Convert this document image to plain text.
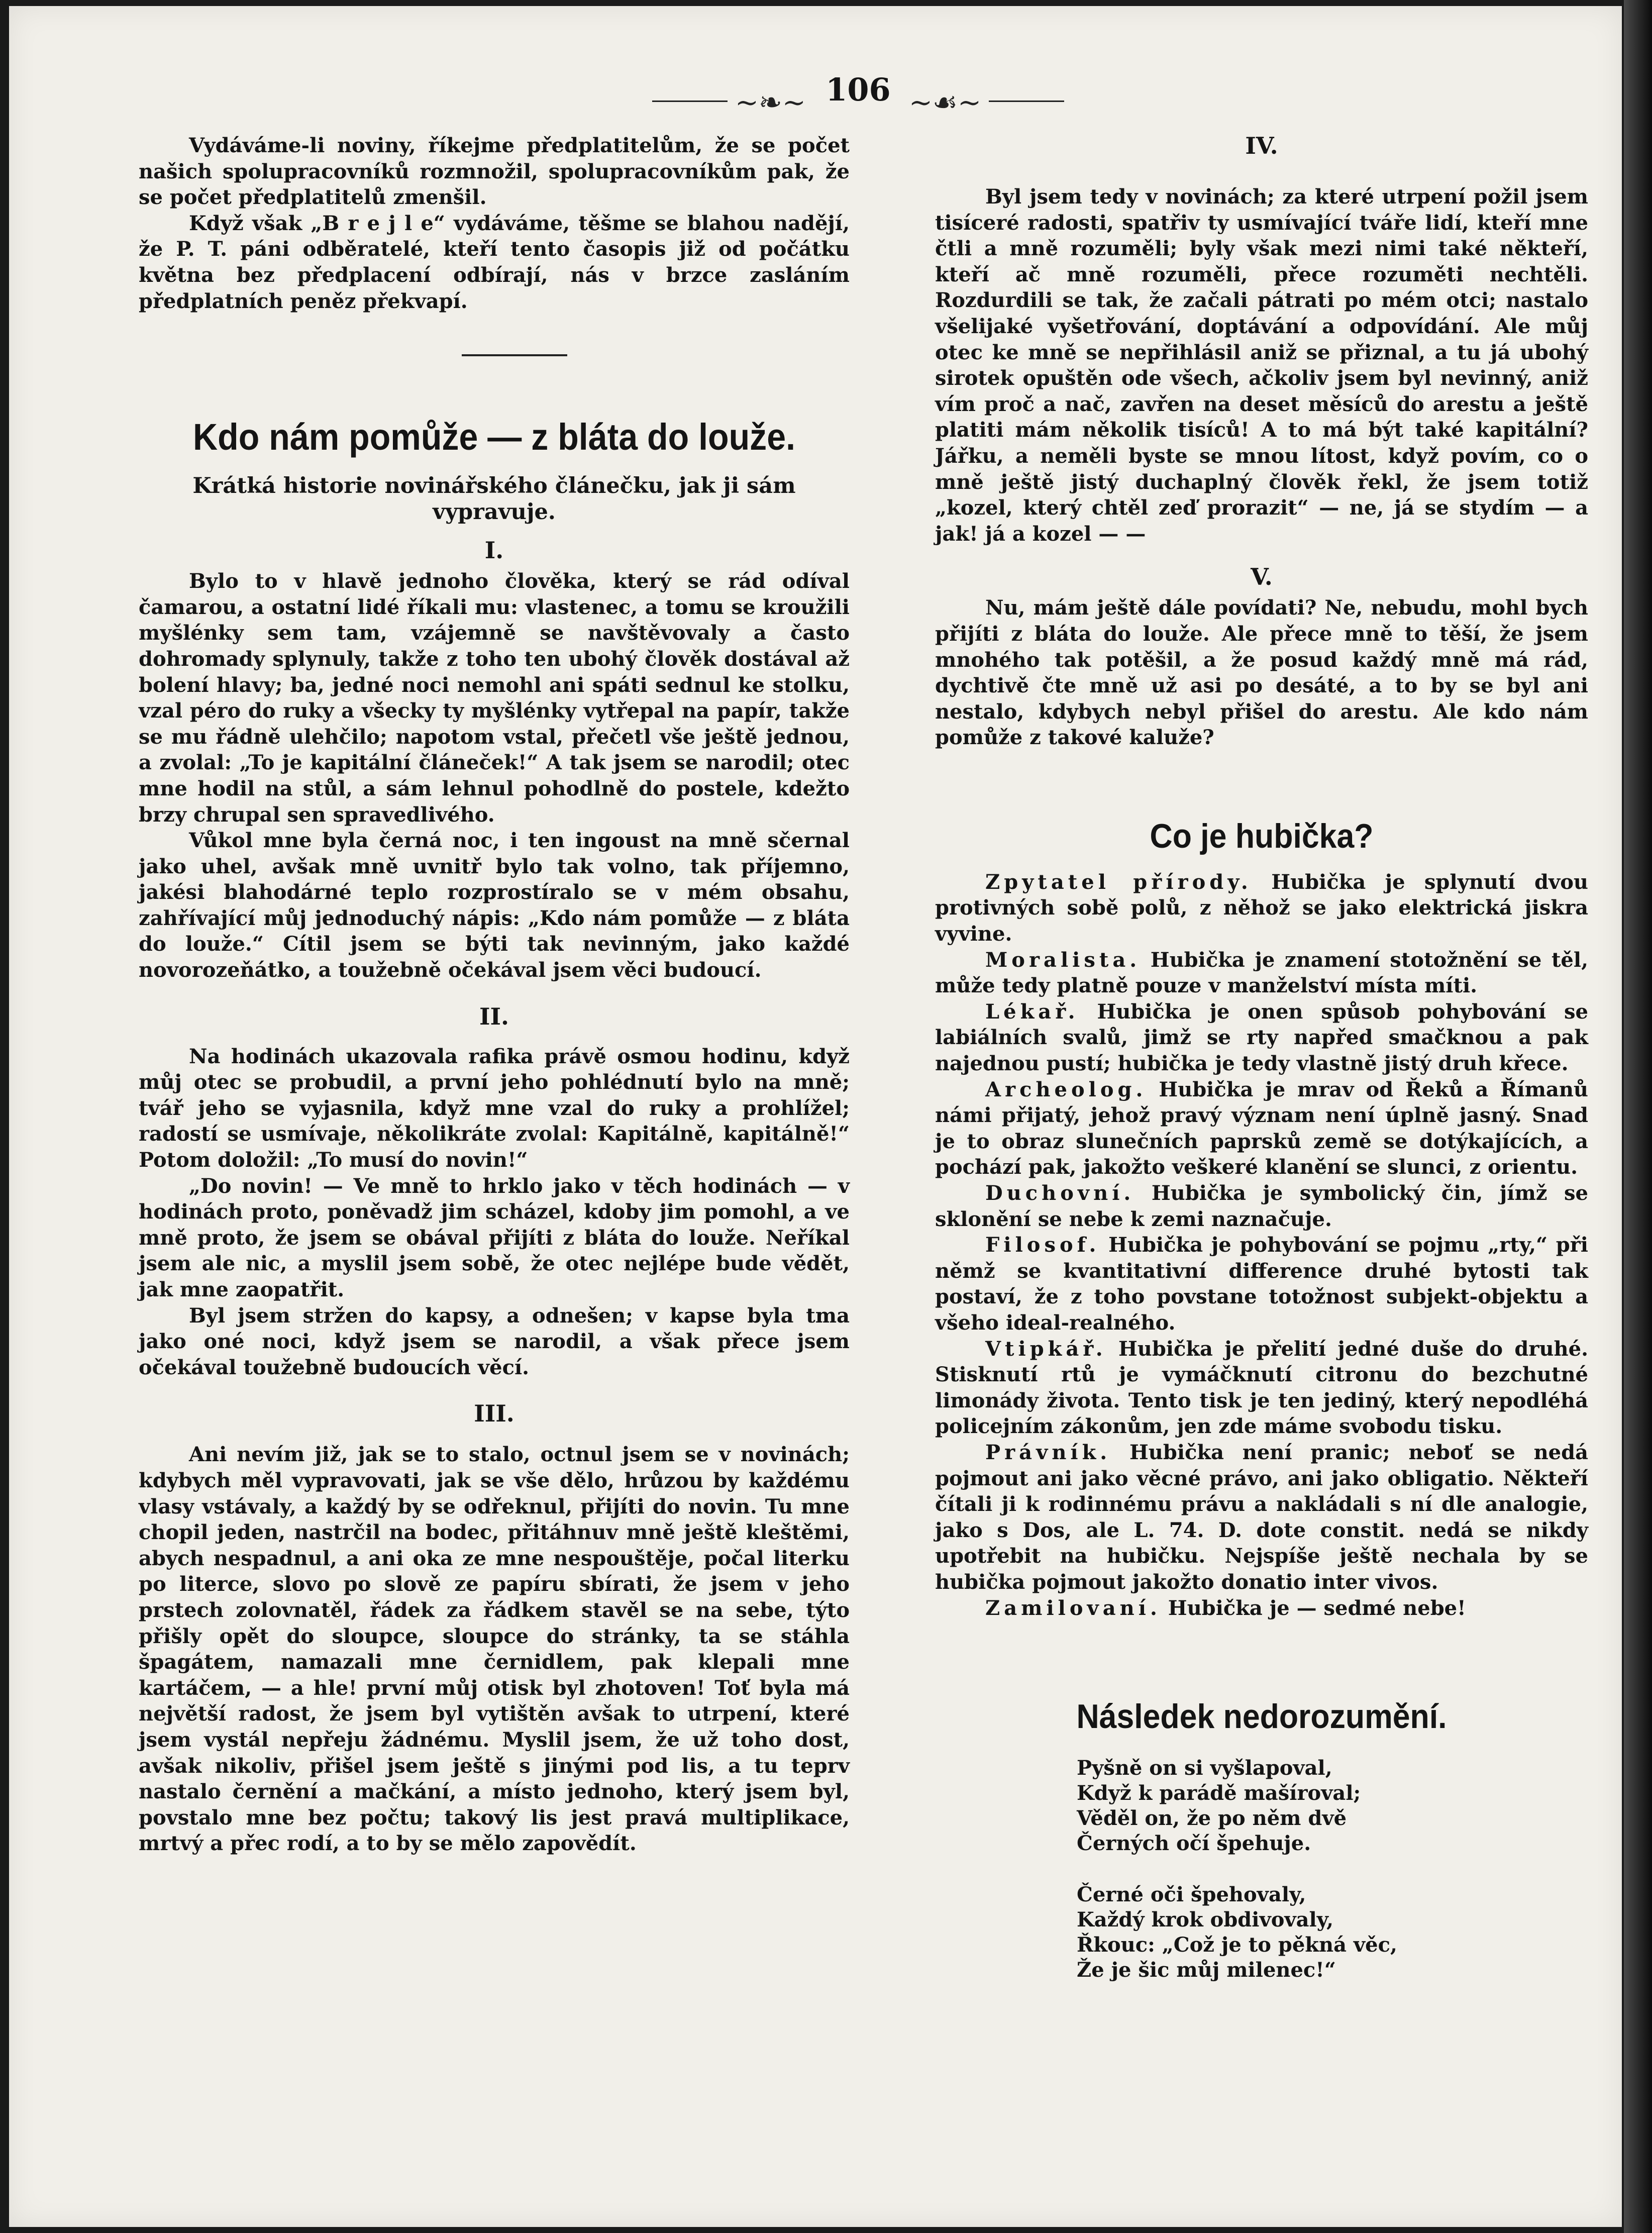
~❧~ 106 ~☙~

Vydáváme-li noviny, říkejme předplatitelům, že se počet našich spolupracovníků rozmnožil, spolupracovníkům pak, že se počet předplatitelů zmenšil.

Když však „B r e j l e“ vydáváme, těšme se blahou nadějí, že P. T. páni odběratelé, kteří tento časopis již od počátku května bez předplacení odbírají, nás v brzce zasláním předplatních peněz překvapí.

Kdo nám pomůže — z bláta do louže.
Krátká historie novinářského článečku, jak ji sám vypravuje.
I.

Bylo to v hlavě jednoho člověka, který se rád odíval čamarou, a ostatní lidé říkali mu: vlastenec, a tomu se kroužili myšlénky sem tam, vzájemně se navštěvovaly a často dohromady splynuly, takže z toho ten ubohý člověk dostával až bolení hlavy; ba, jedné noci nemohl ani spáti sednul ke stolku, vzal péro do ruky a všecky ty myšlénky vytřepal na papír, takže se mu řádně ulehčilo; napotom vstal, přečetl vše ještě jednou, a zvolal: „To je kapitální článeček!“ A tak jsem se narodil; otec mne hodil na stůl, a sám lehnul pohodlně do postele, kdežto brzy chrupal sen spravedlivého.

Vůkol mne byla černá noc, i ten ingoust na mně sčernal jako uhel, avšak mně uvnitř bylo tak volno, tak příjemno, jakési blahodárné teplo rozprostíralo se v mém obsahu, zahřívající můj jednoduchý nápis: „Kdo nám pomůže — z bláta do louže.“ Cítil jsem se býti tak nevinným, jako každé novorozeňátko, a toužebně očekával jsem věci budoucí.

II.

Na hodinách ukazovala rafika právě osmou hodinu, když můj otec se probudil, a první jeho pohlédnutí bylo na mně; tvář jeho se vyjasnila, když mne vzal do ruky a prohlížel; radostí se usmívaje, několikráte zvolal: Kapitálně, kapitálně!“ Potom doložil: „To musí do novin!“

„Do novin! — Ve mně to hrklo jako v těch hodinách — v hodinách proto, poněvadž jim scházel, kdoby jim pomohl, a ve mně proto, že jsem se obával přijíti z bláta do louže. Neříkal jsem ale nic, a myslil jsem sobě, že otec nejlépe bude vědět, jak mne zaopatřit.

Byl jsem stržen do kapsy, a odnešen; v kapse byla tma jako oné noci, když jsem se narodil, a však přece jsem očekával toužebně budoucích věcí.

III.

Ani nevím již, jak se to stalo, octnul jsem se v novinách; kdybych měl vypravovati, jak se vše dělo, hrůzou by každému vlasy vstávaly, a každý by se odřeknul, přijíti do novin. Tu mne chopil jeden, nastrčil na bodec, přitáhnuv mně ještě kleštěmi, abych nespadnul, a ani oka ze mne nespouštěje, počal literku po literce, slovo po slově ze papíru sbírati, že jsem v jeho prstech zolovnatěl, řádek za řádkem stavěl se na sebe, týto přišly opět do sloupce, sloupce do stránky, ta se stáhla špagátem, namazali mne černidlem, pak klepali mne kartáčem, — a hle! první můj otisk byl zhotoven! Toť byla má největší radost, že jsem byl vytištěn avšak to utrpení, které jsem vystál nepřeju žádnému. Myslil jsem, že už toho dost, avšak nikoliv, přišel jsem ještě s jinými pod lis, a tu teprv nastalo černění a mačkání, a místo jednoho, který jsem byl, povstalo mne bez počtu; takový lis jest pravá multiplikace, mrtvý a přec rodí, a to by se mělo zapovědít.

IV.

Byl jsem tedy v novinách; za které utrpení požil jsem tisíceré radosti, spatřiv ty usmívající tváře lidí, kteří mne čtli a mně rozuměli; byly však mezi nimi také někteří, kteří ač mně rozuměli, přece rozuměti nechtěli. Rozdurdili se tak, že začali pátrati po mém otci; nastalo všelijaké vyšetřování, doptávání a odpovídání. Ale můj otec ke mně se nepřihlásil aniž se přiznal, a tu já ubohý sirotek opuštěn ode všech, ačkoliv jsem byl nevinný, aniž vím proč a nač, zavřen na deset měsíců do arestu a ještě platiti mám několik tisíců! A to má být také kapitální? Jářku, a neměli byste se mnou lítost, když povím, co o mně ještě jistý duchaplný člověk řekl, že jsem totiž „kozel, který chtěl zeď prorazit“ — ne, já se stydím — a jak! já a kozel — —

V.

Nu, mám ještě dále povídati? Ne, nebudu, mohl bych přijíti z bláta do louže. Ale přece mně to těší, že jsem mnohého tak potěšil, a že posud každý mně má rád, dychtivě čte mně už asi po desáté, a to by se byl ani nestalo, kdybych nebyl přišel do arestu. Ale kdo nám pomůže z takové kaluže?

Co je hubička?

Zpytatel přírody. Hubička je splynutí dvou protivných sobě polů, z něhož se jako elektrická jiskra vyvine.

Moralista. Hubička je znamení stotožnění se těl, může tedy platně pouze v manželství místa míti.

Lékař. Hubička je onen spůsob pohybování se labiálních svalů, jimž se rty napřed smačknou a pak najednou pustí; hubička je tedy vlastně jistý druh křece.

Archeolog. Hubička je mrav od Řeků a Římanů námi přijatý, jehož pravý význam není úplně jasný. Snad je to obraz slunečních paprsků země se dotýkajících, a pochází pak, jakožto veškeré klanění se slunci, z orientu.

Duchovní. Hubička je symbolický čin, jímž se sklonění se nebe k zemi naznačuje.

Filosof. Hubička je pohybování se pojmu „rty,“ při němž se kvantitativní difference druhé bytosti tak postaví, že z toho povstane totožnost subjekt-objektu a všeho ideal-realného.

Vtipkář. Hubička je přelití jedné duše do druhé. Stisknutí rtů je vymáčknutí citronu do bezchutné limonády života. Tento tisk je ten jediný, který nepodléhá policejním zákonům, jen zde máme svobodu tisku.

Právník. Hubička není pranic; neboť se nedá pojmout ani jako věcné právo, ani jako obligatio. Někteří čítali ji k rodinnému právu a nakládali s ní dle analogie, jako s Dos, ale L. 74. D. dote constit. nedá se nikdy upotřebit na hubičku. Nejspíše ještě nechala by se hubička pojmout jakožto donatio inter vivos.

Zamilovaní. Hubička je — sedmé nebe!

Následek nedorozumění.

Pyšně on si vyšlapoval,

Když k parádě mašíroval;

Věděl on, že po něm dvě

Černých očí špehuje.

Černé oči špehovaly,

Každý krok obdivovaly,

Řkouc: „Což je to pěkná věc,

Že je šic můj milenec!“
